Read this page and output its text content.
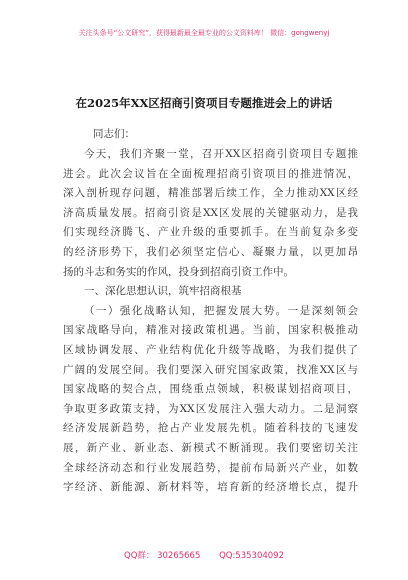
关注头条号“公文研究”，获得最新最全最专业的公文资料库！ 微信：gongwenyj
在2025年XX区招商引资项目专题推进会上的讲话
同志们：
今天，我们齐聚一堂，召开XX区招商引资项目专题推
进会。此次会议旨在全面梳理招商引资项目的推进情况，
深入剖析现存问题，精准部署后续工作，全力推动XX区经
济高质量发展。招商引资是XX区发展的关键驱动力，是我
们实现经济腾飞、产业升级的重要抓手。在当前复杂多变
的经济形势下，我们必须坚定信心、凝聚力量，以更加昂
扬的斗志和务实的作风，投身到招商引资工作中。
一、深化思想认识，筑牢招商根基
（一）强化战略认知，把握发展大势。一是深刻领会
国家战略导向，精准对接政策机遇。当前，国家积极推动
区域协调发展、产业结构优化升级等战略，为我们提供了
广阔的发展空间。我们要深入研究国家政策，找准XX区与
国家战略的契合点，围绕重点领域，积极谋划招商项目，
争取更多政策支持，为XX区发展注入强大动力。二是洞察
经济发展新趋势，抢占产业发展先机。随着科技的飞速发
展，新产业、新业态、新模式不断涌现。我们要密切关注
全球经济动态和行业发展趋势，提前布局新兴产业，如数
字经济、新能源、新材料等，培育新的经济增长点，提升
QQ群： 30265665 QQ:535304092
